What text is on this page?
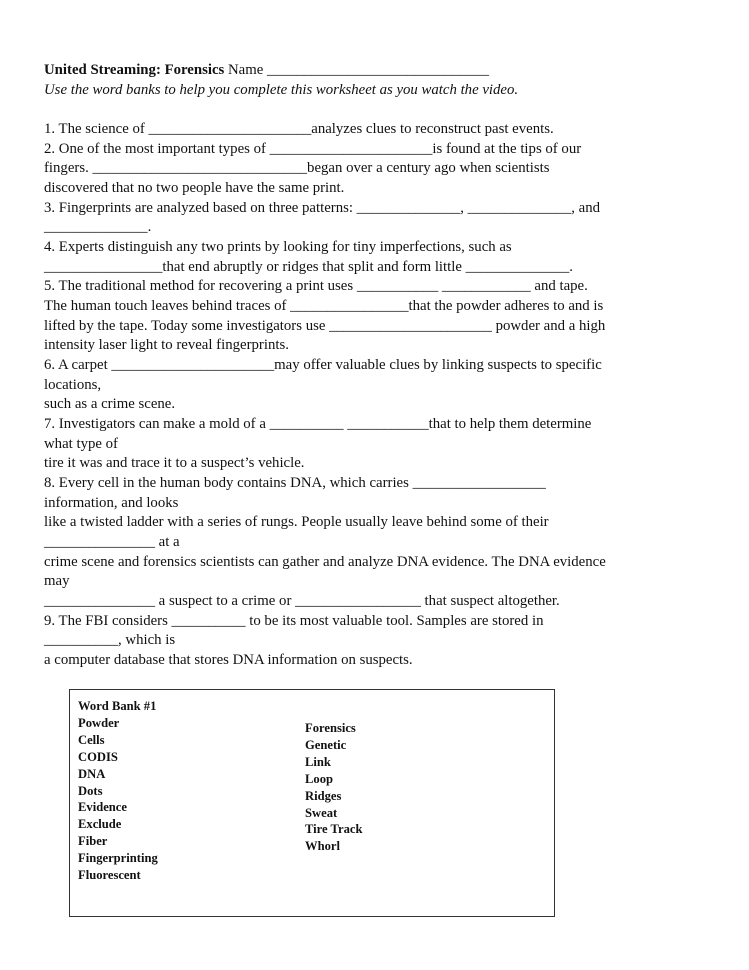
United Streaming: Forensics Name ______________________________
Use the word banks to help you complete this worksheet as you watch the video.
1. The science of ______________________analyzes clues to reconstruct past events.
2. One of the most important types of ______________________is found at the tips of our
fingers. _____________________________began over a century ago when scientists
discovered that no two people have the same print.
3. Fingerprints are analyzed based on three patterns: ______________, ______________, and
______________.
4. Experts distinguish any two prints by looking for tiny imperfections, such as
________________that end abruptly or ridges that split and form little ______________.
5. The traditional method for recovering a print uses ___________ ____________ and tape.
The human touch leaves behind traces of ________________that the powder adheres to and is
lifted by the tape. Today some investigators use ______________________ powder and a high
intensity laser light to reveal fingerprints.
6. A carpet ______________________may offer valuable clues by linking suspects to specific
locations,
such as a crime scene.
7. Investigators can make a mold of a __________ ___________that to help them determine
what type of
tire it was and trace it to a suspect’s vehicle.
8. Every cell in the human body contains DNA, which carries __________________
information, and looks
like a twisted ladder with a series of rungs. People usually leave behind some of their
_______________ at a
crime scene and forensics scientists can gather and analyze DNA evidence. The DNA evidence
may
_______________ a suspect to a crime or _________________ that suspect altogether.
9. The FBI considers __________ to be its most valuable tool. Samples are stored in
__________, which is
a computer database that stores DNA information on suspects.
Word Bank #1
Powder
Cells
CODIS
DNA
Dots
Evidence
Exclude
Fiber
Fingerprinting
Fluorescent
Forensics
Genetic
Link
Loop
Ridges
Sweat
Tire Track
Whorl
